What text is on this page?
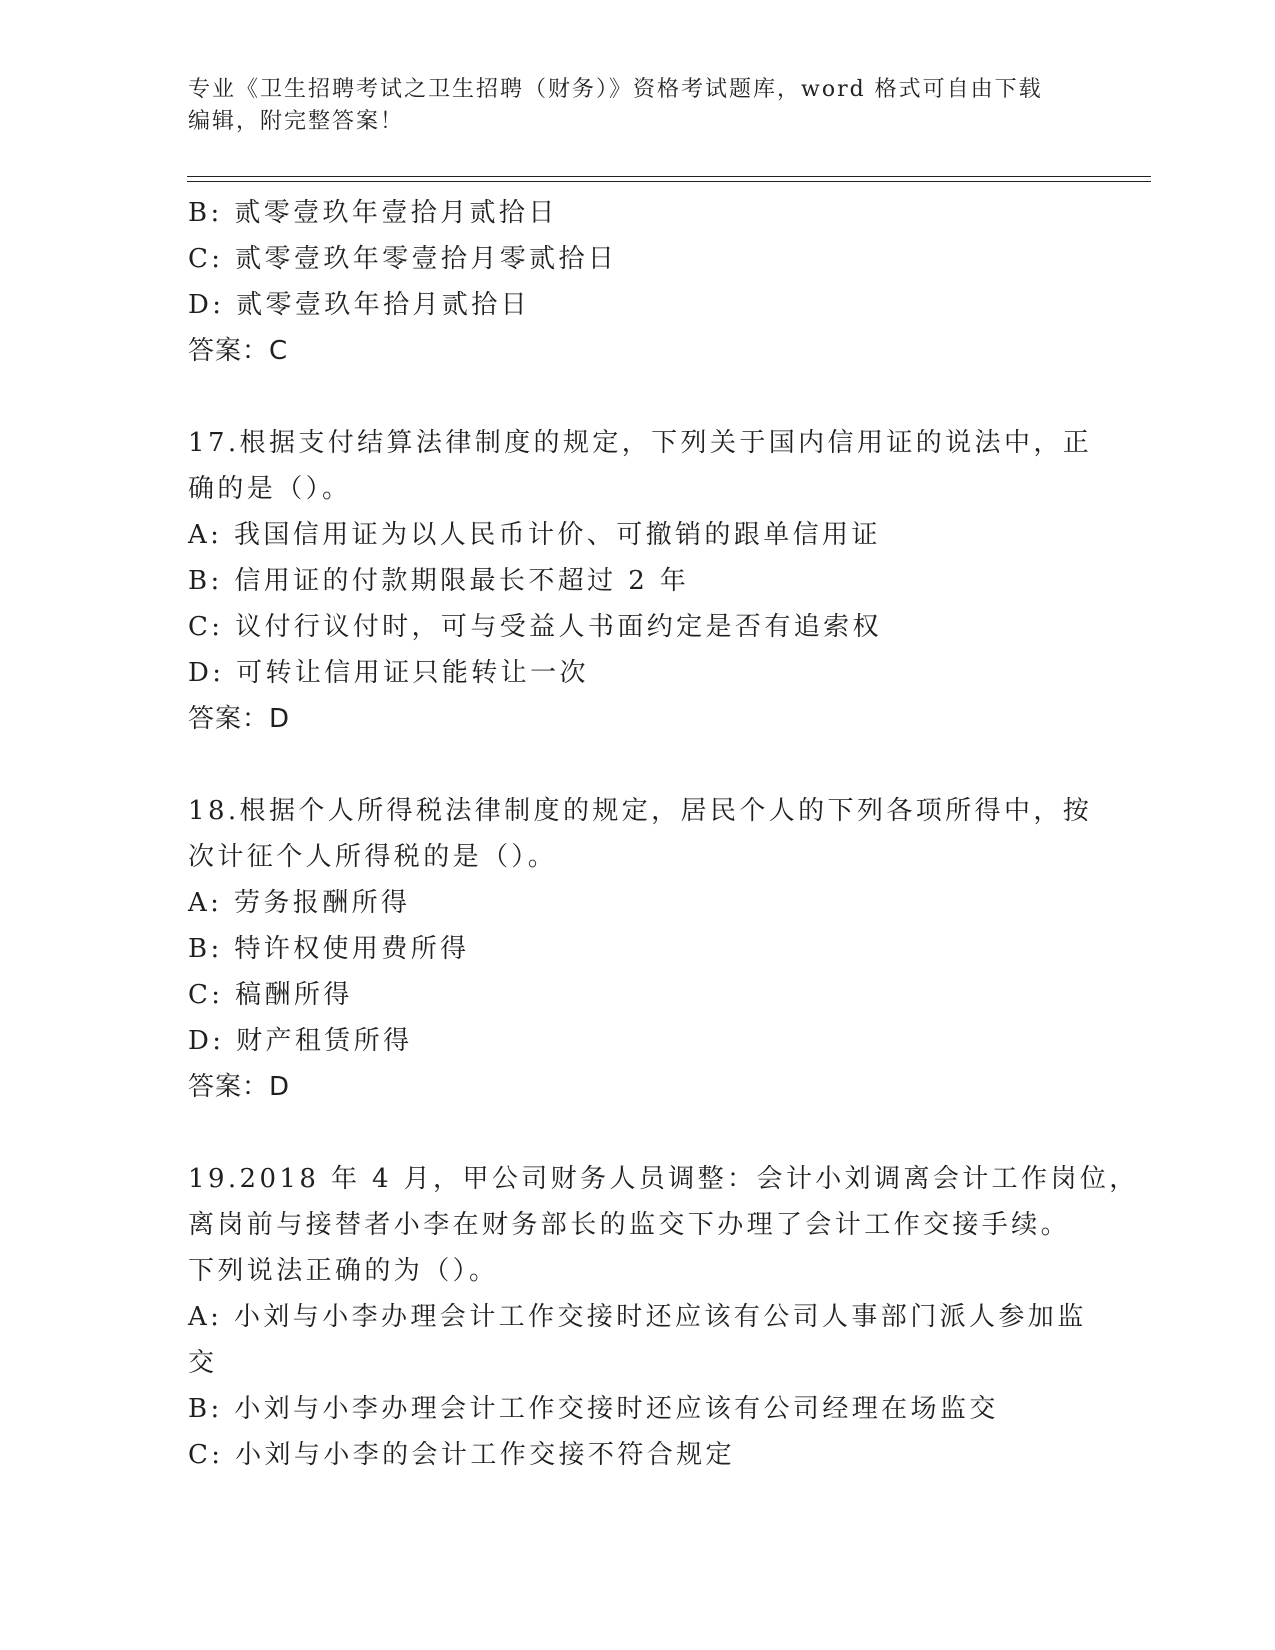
专业《卫生招聘考试之卫生招聘（财务）》资格考试题库，word 格式可自由下载
编辑，附完整答案！
B: 贰零壹玖年壹拾月贰拾日
C: 贰零壹玖年零壹拾月零贰拾日
D: 贰零壹玖年拾月贰拾日
答案：C
17.根据支付结算法律制度的规定，下列关于国内信用证的说法中，正
确的是（）。
A: 我国信用证为以人民币计价、可撤销的跟单信用证
B: 信用证的付款期限最长不超过 2 年
C: 议付行议付时，可与受益人书面约定是否有追索权
D: 可转让信用证只能转让一次
答案：D
18.根据个人所得税法律制度的规定，居民个人的下列各项所得中，按
次计征个人所得税的是（）。
A: 劳务报酬所得
B: 特许权使用费所得
C: 稿酬所得
D: 财产租赁所得
答案：D
19.2018 年 4 月，甲公司财务人员调整：会计小刘调离会计工作岗位，
离岗前与接替者小李在财务部长的监交下办理了会计工作交接手续。
下列说法正确的为（）。
A: 小刘与小李办理会计工作交接时还应该有公司人事部门派人参加监
交
B: 小刘与小李办理会计工作交接时还应该有公司经理在场监交
C: 小刘与小李的会计工作交接不符合规定
